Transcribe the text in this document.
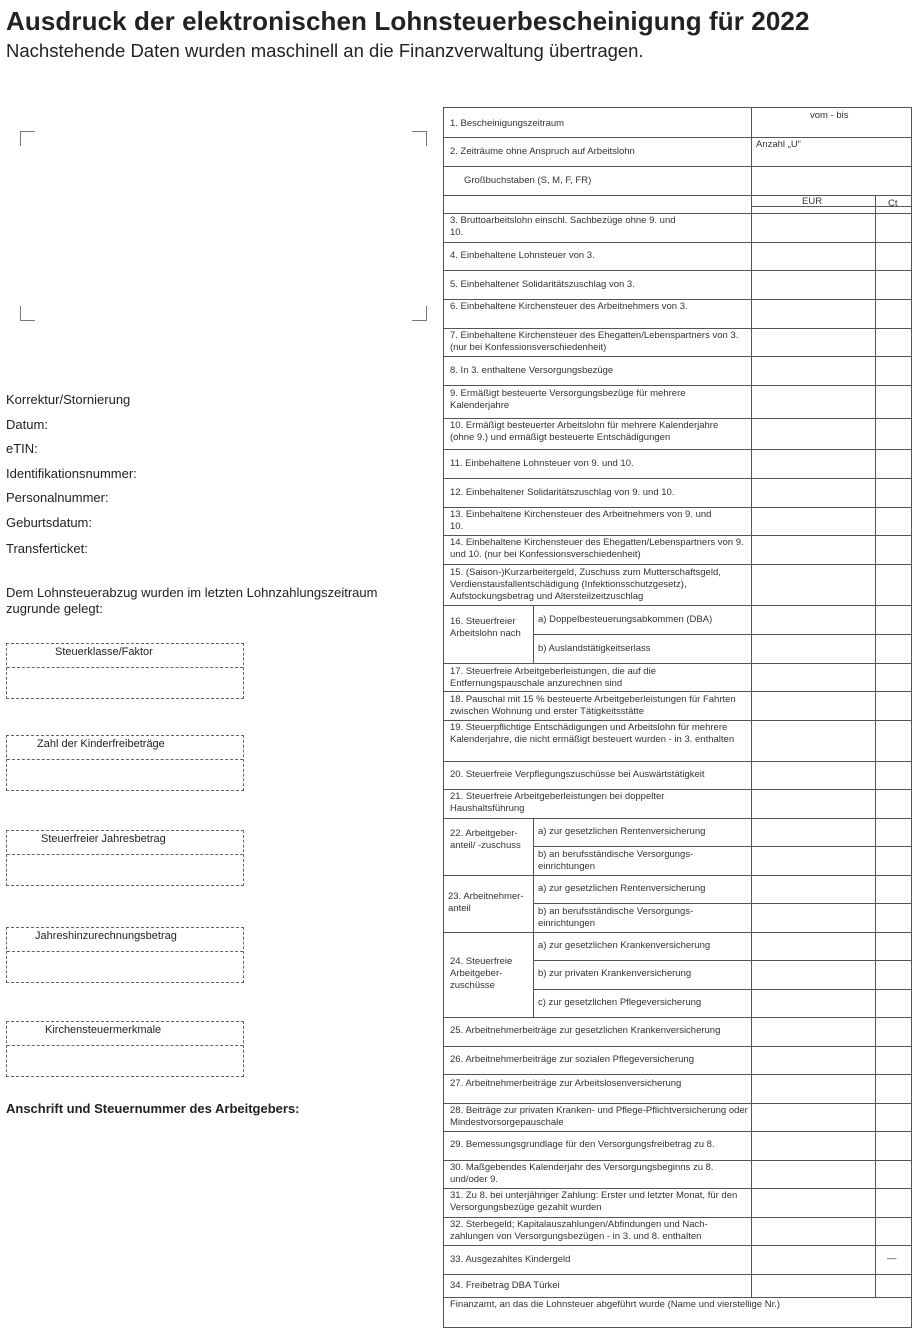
Ausdruck der elektronischen Lohnsteuerbescheinigung für 2022
Nachstehende Daten wurden maschinell an die Finanzverwaltung übertragen.
Korrektur/Stornierung
Datum:
eTIN:
Identifikationsnummer:
Personalnummer:
Geburtsdatum:
Transferticket:
Dem Lohnsteuerabzug wurden im letzten Lohnzahlungszeitraum zugrunde gelegt:
Steuerklasse/Faktor
Zahl der Kinderfreibeträge
Steuerfreier Jahresbetrag
Jahreshinzurechnungsbetrag
Kirchensteuermerkmale
Anschrift und Steuernummer des Arbeitgebers:
vom - bis
Anzahl „U“
EUR	Ct
1. Bescheinigungszeitraum
2. Zeiträume ohne Anspruch auf Arbeitslohn
Großbuchstaben (S, M, F, FR)
3. Bruttoarbeitslohn einschl. Sachbezüge ohne 9. und 10.
4. Einbehaltene Lohnsteuer von 3.
5. Einbehaltener Solidaritätszuschlag von 3.
6. Einbehaltene Kirchensteuer des Arbeitnehmers von 3.
7. Einbehaltene Kirchensteuer des Ehegatten/Lebenspartners von 3. (nur bei Konfessionsverschiedenheit)
8. In 3. enthaltene Versorgungsbezüge
9. Ermäßigt besteuerte Versorgungsbezüge für mehrere Kalenderjahre
10. Ermäßigt besteuerter Arbeitslohn für mehrere Kalenderjahre (ohne 9.) und ermäßigt besteuerte Entschädigungen
11. Einbehaltene Lohnsteuer von 9. und 10.
12. Einbehaltener Solidaritätszuschlag von 9. und 10.
13. Einbehaltene Kirchensteuer des Arbeitnehmers von 9. und 10.
14. Einbehaltene Kirchensteuer des Ehegatten/Lebenspartners von 9. und 10. (nur bei Konfessionsverschiedenheit)
15. (Saison-)Kurzarbeitergeld, Zuschuss zum Mutterschaftsgeld, Verdienstausfallentschädigung (Infektionsschutzgesetz), Aufstockungsbetrag und Altersteilzeitzuschlag
16. Steuerfreier Arbeitslohn nach
a) Doppelbesteuerungsabkommen (DBA)
b) Auslandstätigkeitserlass
17. Steuerfreie Arbeitgeberleistungen, die auf die Entfernungspauschale anzurechnen sind
18. Pauschal mit 15 % besteuerte Arbeitgeberleistungen für Fahrten zwischen Wohnung und erster Tätigkeitsstätte
19. Steuerpflichtige Entschädigungen und Arbeitslohn für mehrere Kalenderjahre, die nicht ermäßigt besteuert wurden - in 3. enthalten
20. Steuerfreie Verpflegungszuschüsse bei Auswärtstätigkeit
21. Steuerfreie Arbeitgeberleistungen bei doppelter Haushaltsführung
22. Arbeitgeber-anteil/ -zuschuss
a) zur gesetzlichen Rentenversicherung
b) an berufsständische Versorgungs-einrichtungen
23. Arbeitnehmer-anteil
a) zur gesetzlichen Rentenversicherung
b) an berufsständische Versorgungs-einrichtungen
24. Steuerfreie Arbeitgeber-zuschüsse
a) zur gesetzlichen Krankenversicherung
b) zur privaten Krankenversicherung
c) zur gesetzlichen Pflegeversicherung
25. Arbeitnehmerbeiträge zur gesetzlichen Krankenversicherung
26. Arbeitnehmerbeiträge zur sozialen Pflegeversicherung
27. Arbeitnehmerbeiträge zur Arbeitslosenversicherung
28. Beiträge zur privaten Kranken- und Pflege-Pflichtversicherung oder Mindestvorsorgepauschale
29. Bemessungsgrundlage für den Versorgungsfreibetrag zu 8.
30. Maßgebendes Kalenderjahr des Versorgungsbeginns zu 8. und/oder 9.
31. Zu 8. bei unterjähriger Zahlung: Erster und letzter Monat, für den Versorgungsbezüge gezahlt wurden
32. Sterbegeld; Kapitalauszahlungen/Abfindungen und Nach-zahlungen von Versorgungsbezügen - in 3. und 8. enthalten
33. Ausgezahltes Kindergeld	—
34. Freibetrag DBA Türkei
Finanzamt, an das die Lohnsteuer abgeführt wurde (Name und vierstellige Nr.)
